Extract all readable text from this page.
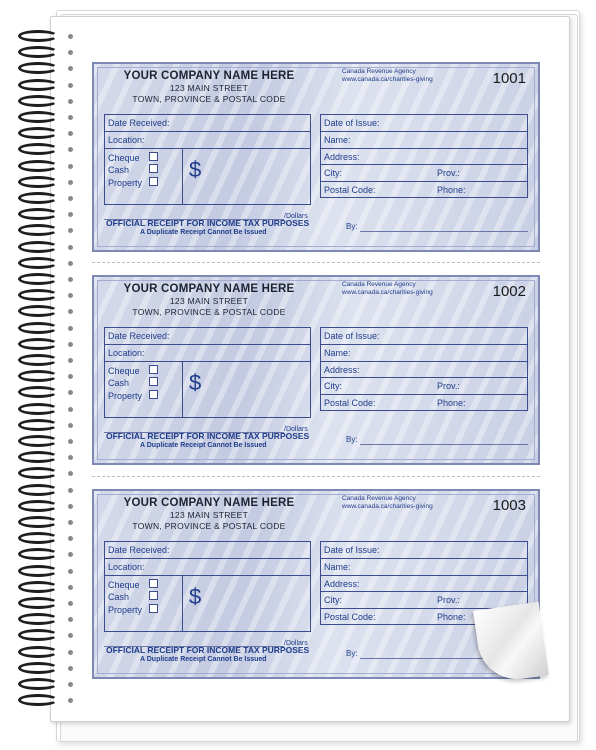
YOUR COMPANY NAME HERE
123 MAIN STREET
TOWN, PROVINCE & POSTAL CODE
Canada Revenue Agency
www.canada.ca/charities-giving	1001
Date Received:
Location:
Cheque
Cash
Property
$
/Dollars
Date of Issue:
Name:
Address:
City:	Prov.:
Postal Code:	Phone:
OFFICIAL RECEIPT FOR INCOME TAX PURPOSES
A Duplicate Receipt Cannot Be Issued
By:
YOUR COMPANY NAME HERE
123 MAIN STREET
TOWN, PROVINCE & POSTAL CODE
Canada Revenue Agency
www.canada.ca/charities-giving	1002
Date Received:
Location:
Cheque
Cash
Property
$
/Dollars
Date of Issue:
Name:
Address:
City:	Prov.:
Postal Code:	Phone:
OFFICIAL RECEIPT FOR INCOME TAX PURPOSES
A Duplicate Receipt Cannot Be Issued
By:
YOUR COMPANY NAME HERE
123 MAIN STREET
TOWN, PROVINCE & POSTAL CODE
Canada Revenue Agency
www.canada.ca/charities-giving	1003
Date Received:
Location:
Cheque
Cash
Property
$
/Dollars
Date of Issue:
Name:
Address:
City:	Prov.:
Postal Code:	Phone:
OFFICIAL RECEIPT FOR INCOME TAX PURPOSES
A Duplicate Receipt Cannot Be Issued
By:
